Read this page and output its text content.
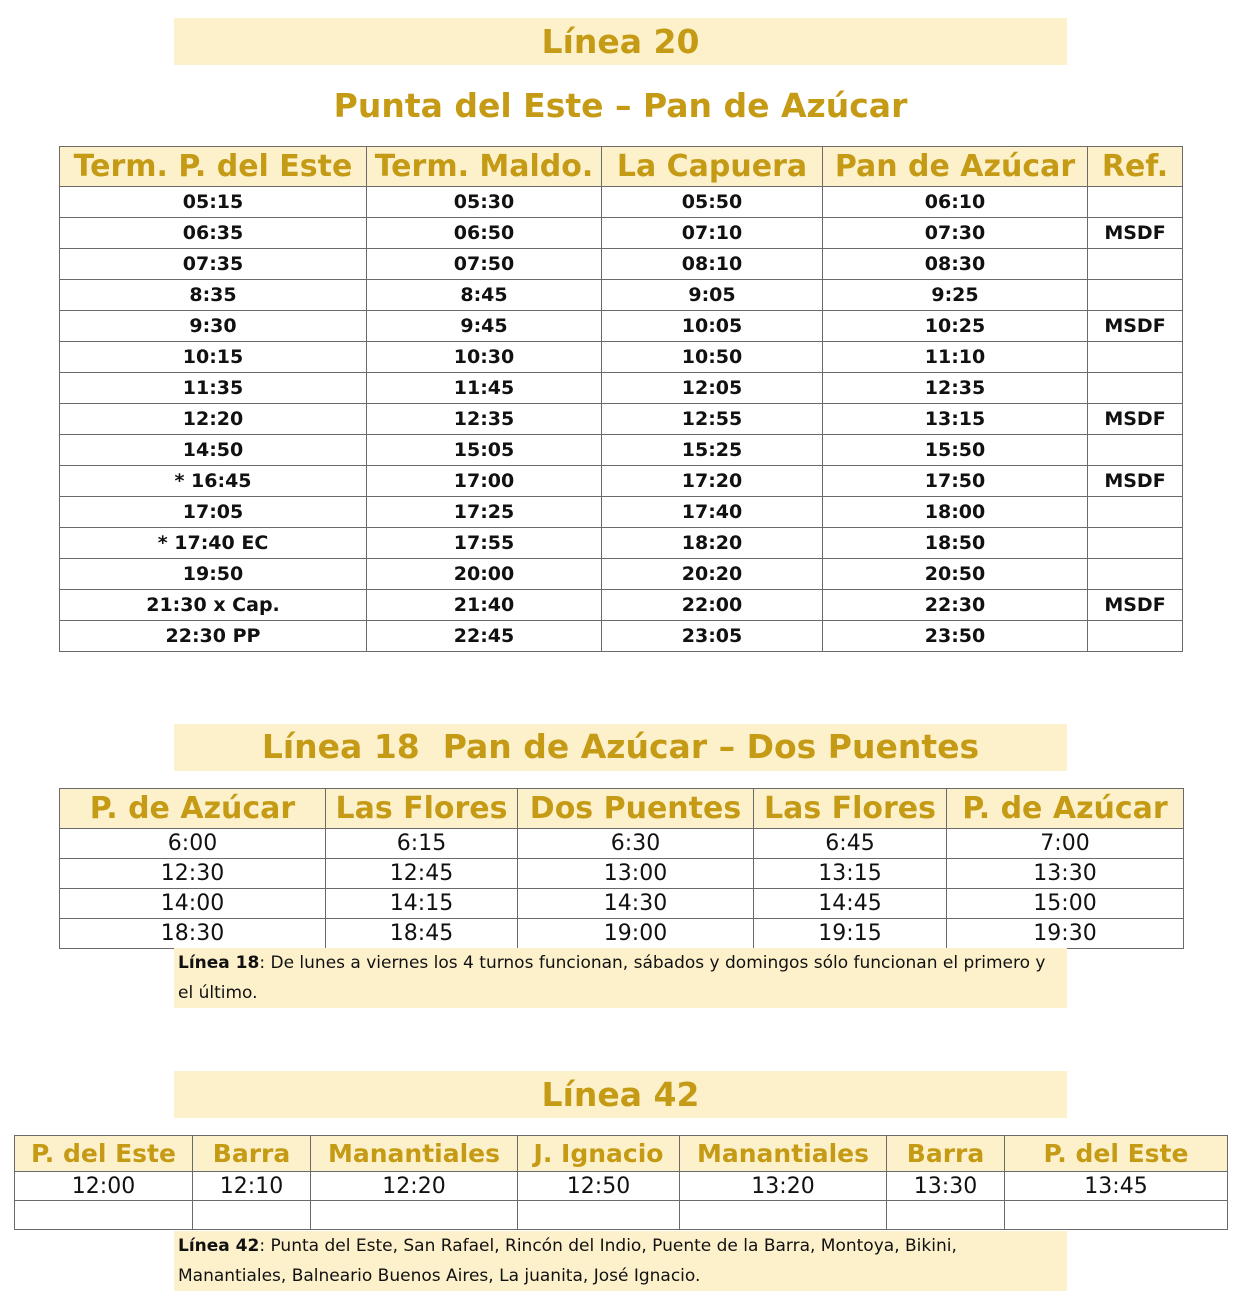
Línea 20
Punta del Este – Pan de Azúcar
Term. P. del Este	Term. Maldo.	La Capuera	Pan de Azúcar	Ref.
05:15	05:30	05:50	06:10	
06:35	06:50	07:10	07:30	MSDF
07:35	07:50	08:10	08:30	
8:35	8:45	9:05	9:25	
9:30	9:45	10:05	10:25	MSDF
10:15	10:30	10:50	11:10	
11:35	11:45	12:05	12:35	
12:20	12:35	12:55	13:15	MSDF
14:50	15:05	15:25	15:50	
* 16:45	17:00	17:20	17:50	MSDF
17:05	17:25	17:40	18:00	
* 17:40 EC	17:55	18:20	18:50	
19:50	20:00	20:20	20:50	
21:30 x Cap.	21:40	22:00	22:30	MSDF
22:30 PP	22:45	23:05	23:50	
Línea 18  Pan de Azúcar – Dos Puentes
P. de Azúcar	Las Flores	Dos Puentes	Las Flores	P. de Azúcar
6:00	6:15	6:30	6:45	7:00
12:30	12:45	13:00	13:15	13:30
14:00	14:15	14:30	14:45	15:00
18:30	18:45	19:00	19:15	19:30
Línea 18: De lunes a viernes los 4 turnos funcionan, sábados y domingos sólo funcionan el primero y el último.
Línea 42
P. del Este	Barra	Manantiales	J. Ignacio	Manantiales	Barra	P. del Este
12:00	12:10	12:20	12:50	13:20	13:30	13:45

Línea 42: Punta del Este, San Rafael, Rincón del Indio, Puente de la Barra, Montoya, Bikini, Manantiales, Balneario Buenos Aires, La juanita, José Ignacio.
